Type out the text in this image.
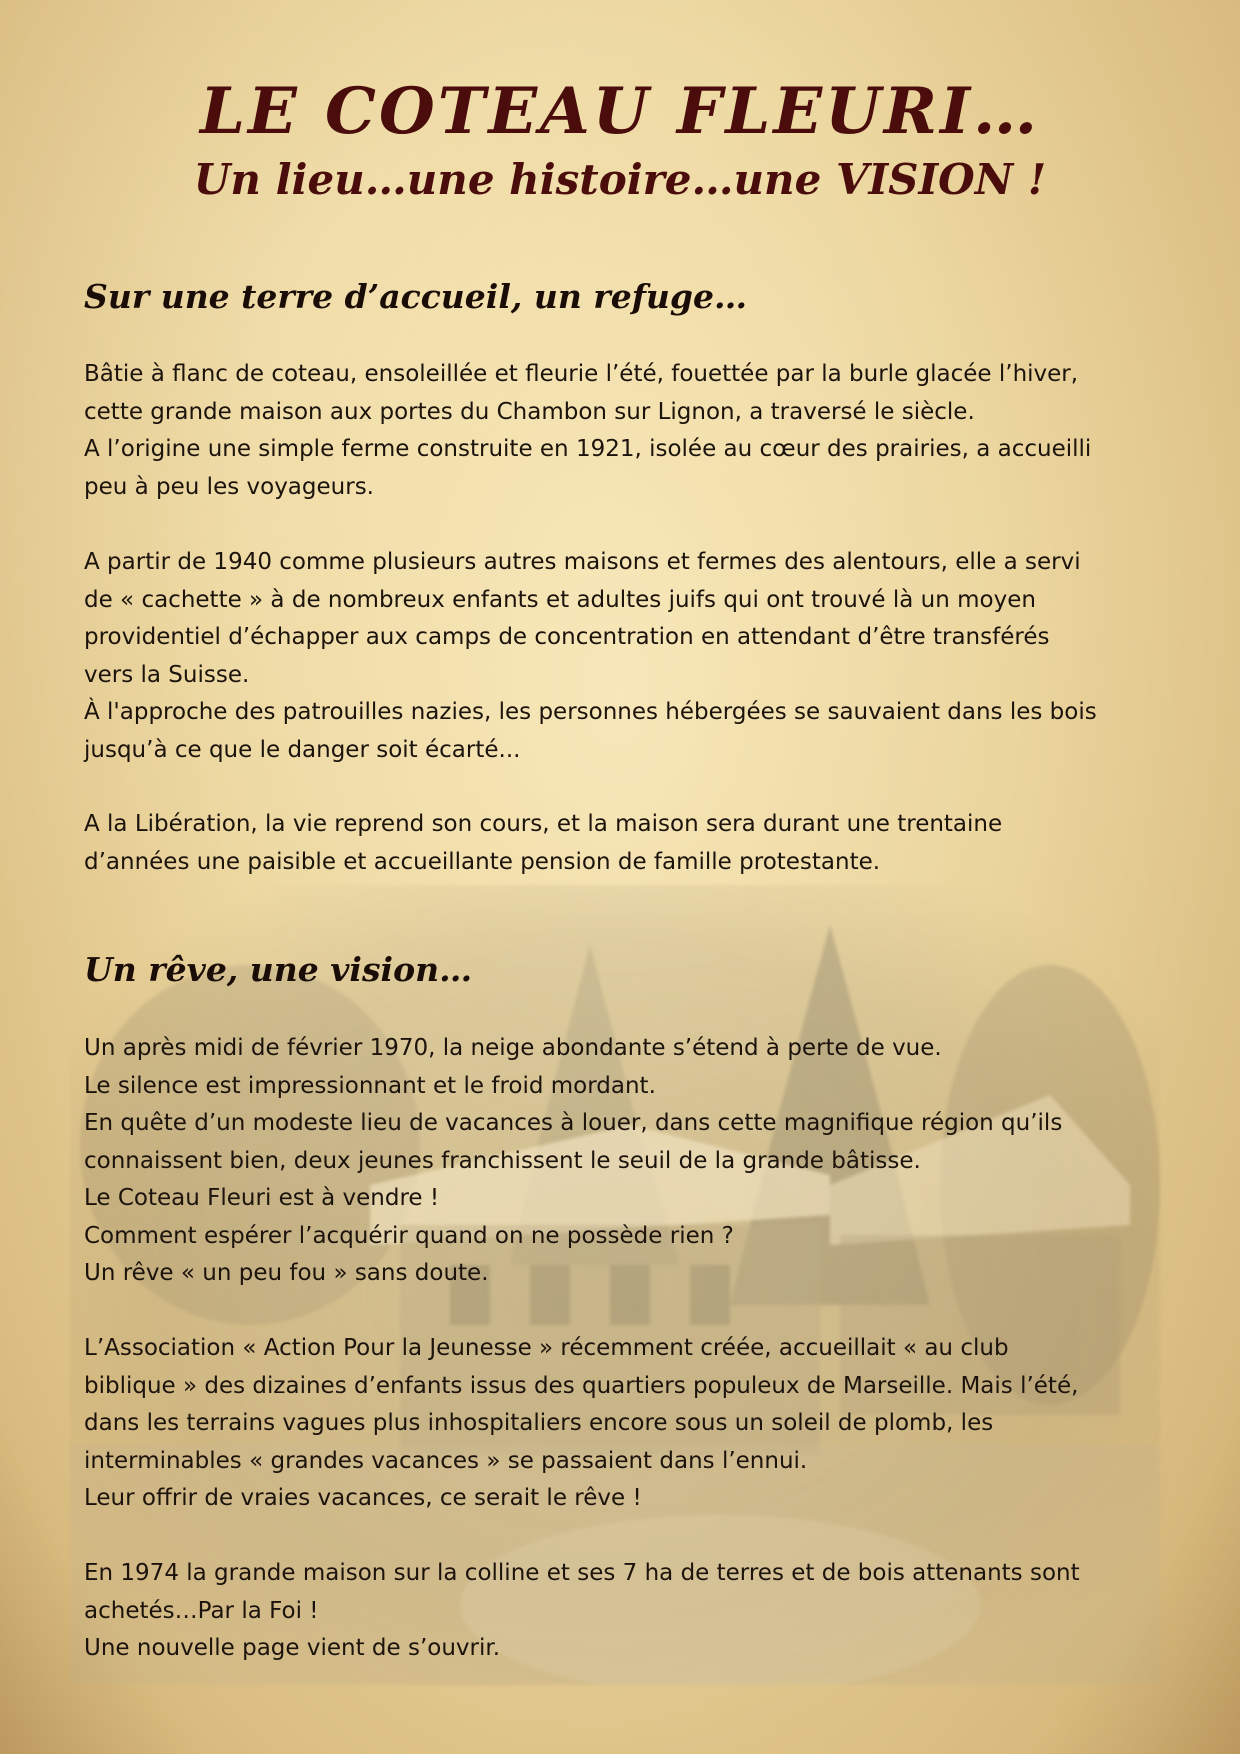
LE COTEAU FLEURI…
Un lieu…une histoire…une VISION !
Sur une terre d’accueil, un refuge…

Bâtie à flanc de coteau, ensoleillée et fleurie l’été, fouettée par la burle glacée l’hiver,
cette grande maison aux portes du Chambon sur Lignon, a traversé le siècle.
A l’origine une simple ferme construite en 1921, isolée au cœur des prairies, a accueilli
peu à peu les voyageurs.

A partir de 1940 comme plusieurs autres maisons et fermes des alentours, elle a servi
de « cachette » à de nombreux enfants et adultes juifs qui ont trouvé là un moyen
providentiel d’échapper aux camps de concentration en attendant d’être transférés
vers la Suisse.
À l'approche des patrouilles nazies, les personnes hébergées se sauvaient dans les bois
jusqu’à ce que le danger soit écarté...

A la Libération, la vie reprend son cours, et la maison sera durant une trentaine
d’années une paisible et accueillante pension de famille protestante.

Un rêve, une vision…

Un après midi de février 1970, la neige abondante s’étend à perte de vue.
Le silence est impressionnant et le froid mordant.
En quête d’un modeste lieu de vacances à louer, dans cette magnifique région qu’ils
connaissent bien, deux jeunes franchissent le seuil de la grande bâtisse.
Le Coteau Fleuri est à vendre !
Comment espérer l’acquérir quand on ne possède rien ?
Un rêve « un peu fou » sans doute.

L’Association « Action Pour la Jeunesse » récemment créée, accueillait « au club
biblique » des dizaines d’enfants issus des quartiers populeux de Marseille. Mais l’été,
dans les terrains vagues plus inhospitaliers encore sous un soleil de plomb, les
interminables « grandes vacances » se passaient dans l’ennui.
Leur offrir de vraies vacances, ce serait le rêve !

En 1974 la grande maison sur la colline et ses 7 ha de terres et de bois attenants sont
achetés…Par la Foi !
Une nouvelle page vient de s’ouvrir.
